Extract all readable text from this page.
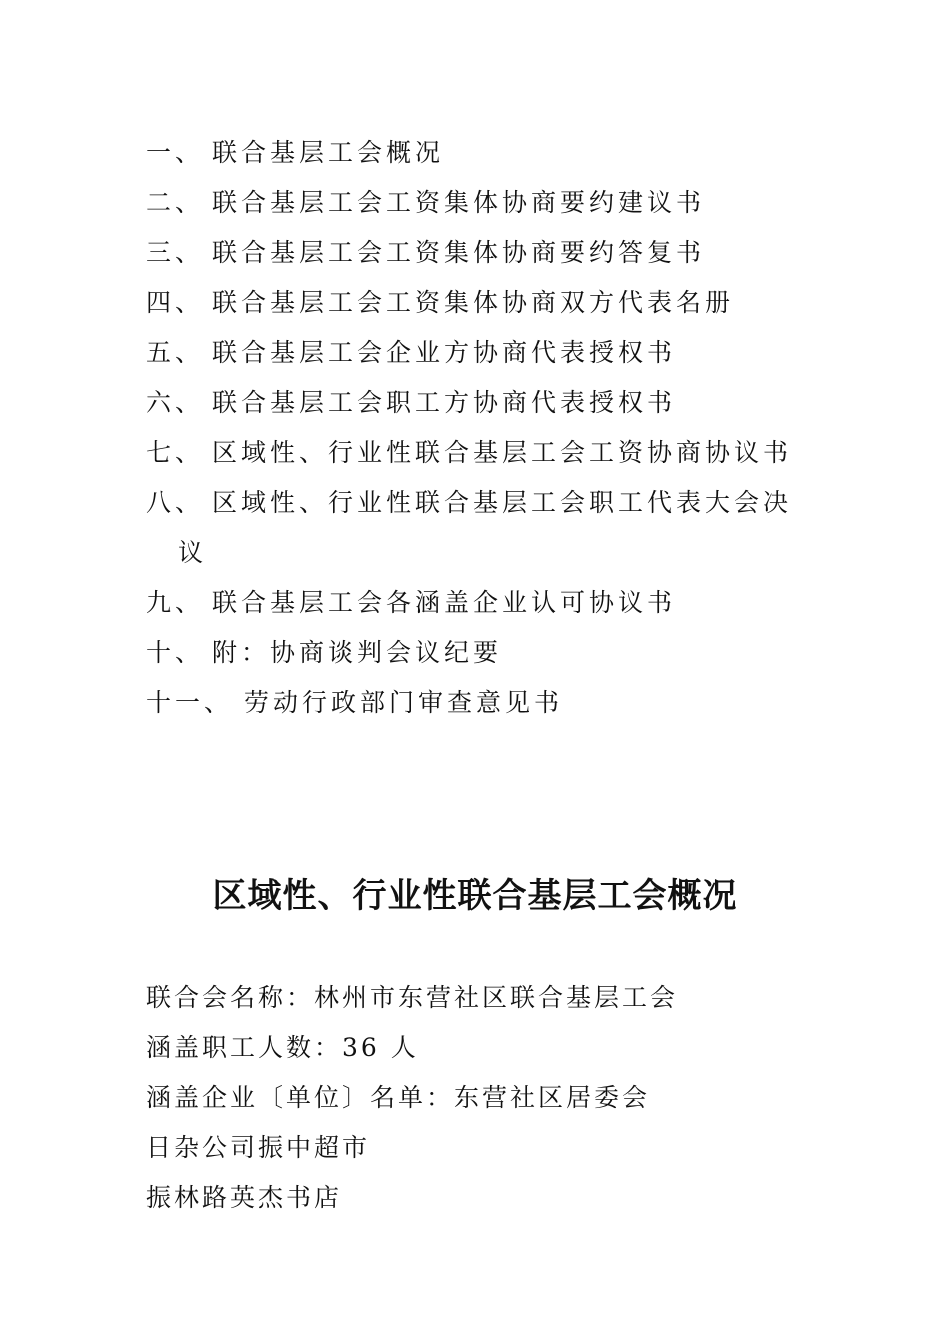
一、 联合基层工会概况
二、 联合基层工会工资集体协商要约建议书
三、 联合基层工会工资集体协商要约答复书
四、 联合基层工会工资集体协商双方代表名册
五、 联合基层工会企业方协商代表授权书
六、 联合基层工会职工方协商代表授权书
七、 区域性、行业性联合基层工会工资协商协议书
八、 区域性、行业性联合基层工会职工代表大会决
议
九、 联合基层工会各涵盖企业认可协议书
十、 附：协商谈判会议纪要
十一、 劳动行政部门审查意见书
区域性、行业性联合基层工会概况
联合会名称：林州市东营社区联合基层工会
涵盖职工人数：36 人
涵盖企业〔单位〕名单：东营社区居委会
日杂公司振中超市
振林路英杰书店
